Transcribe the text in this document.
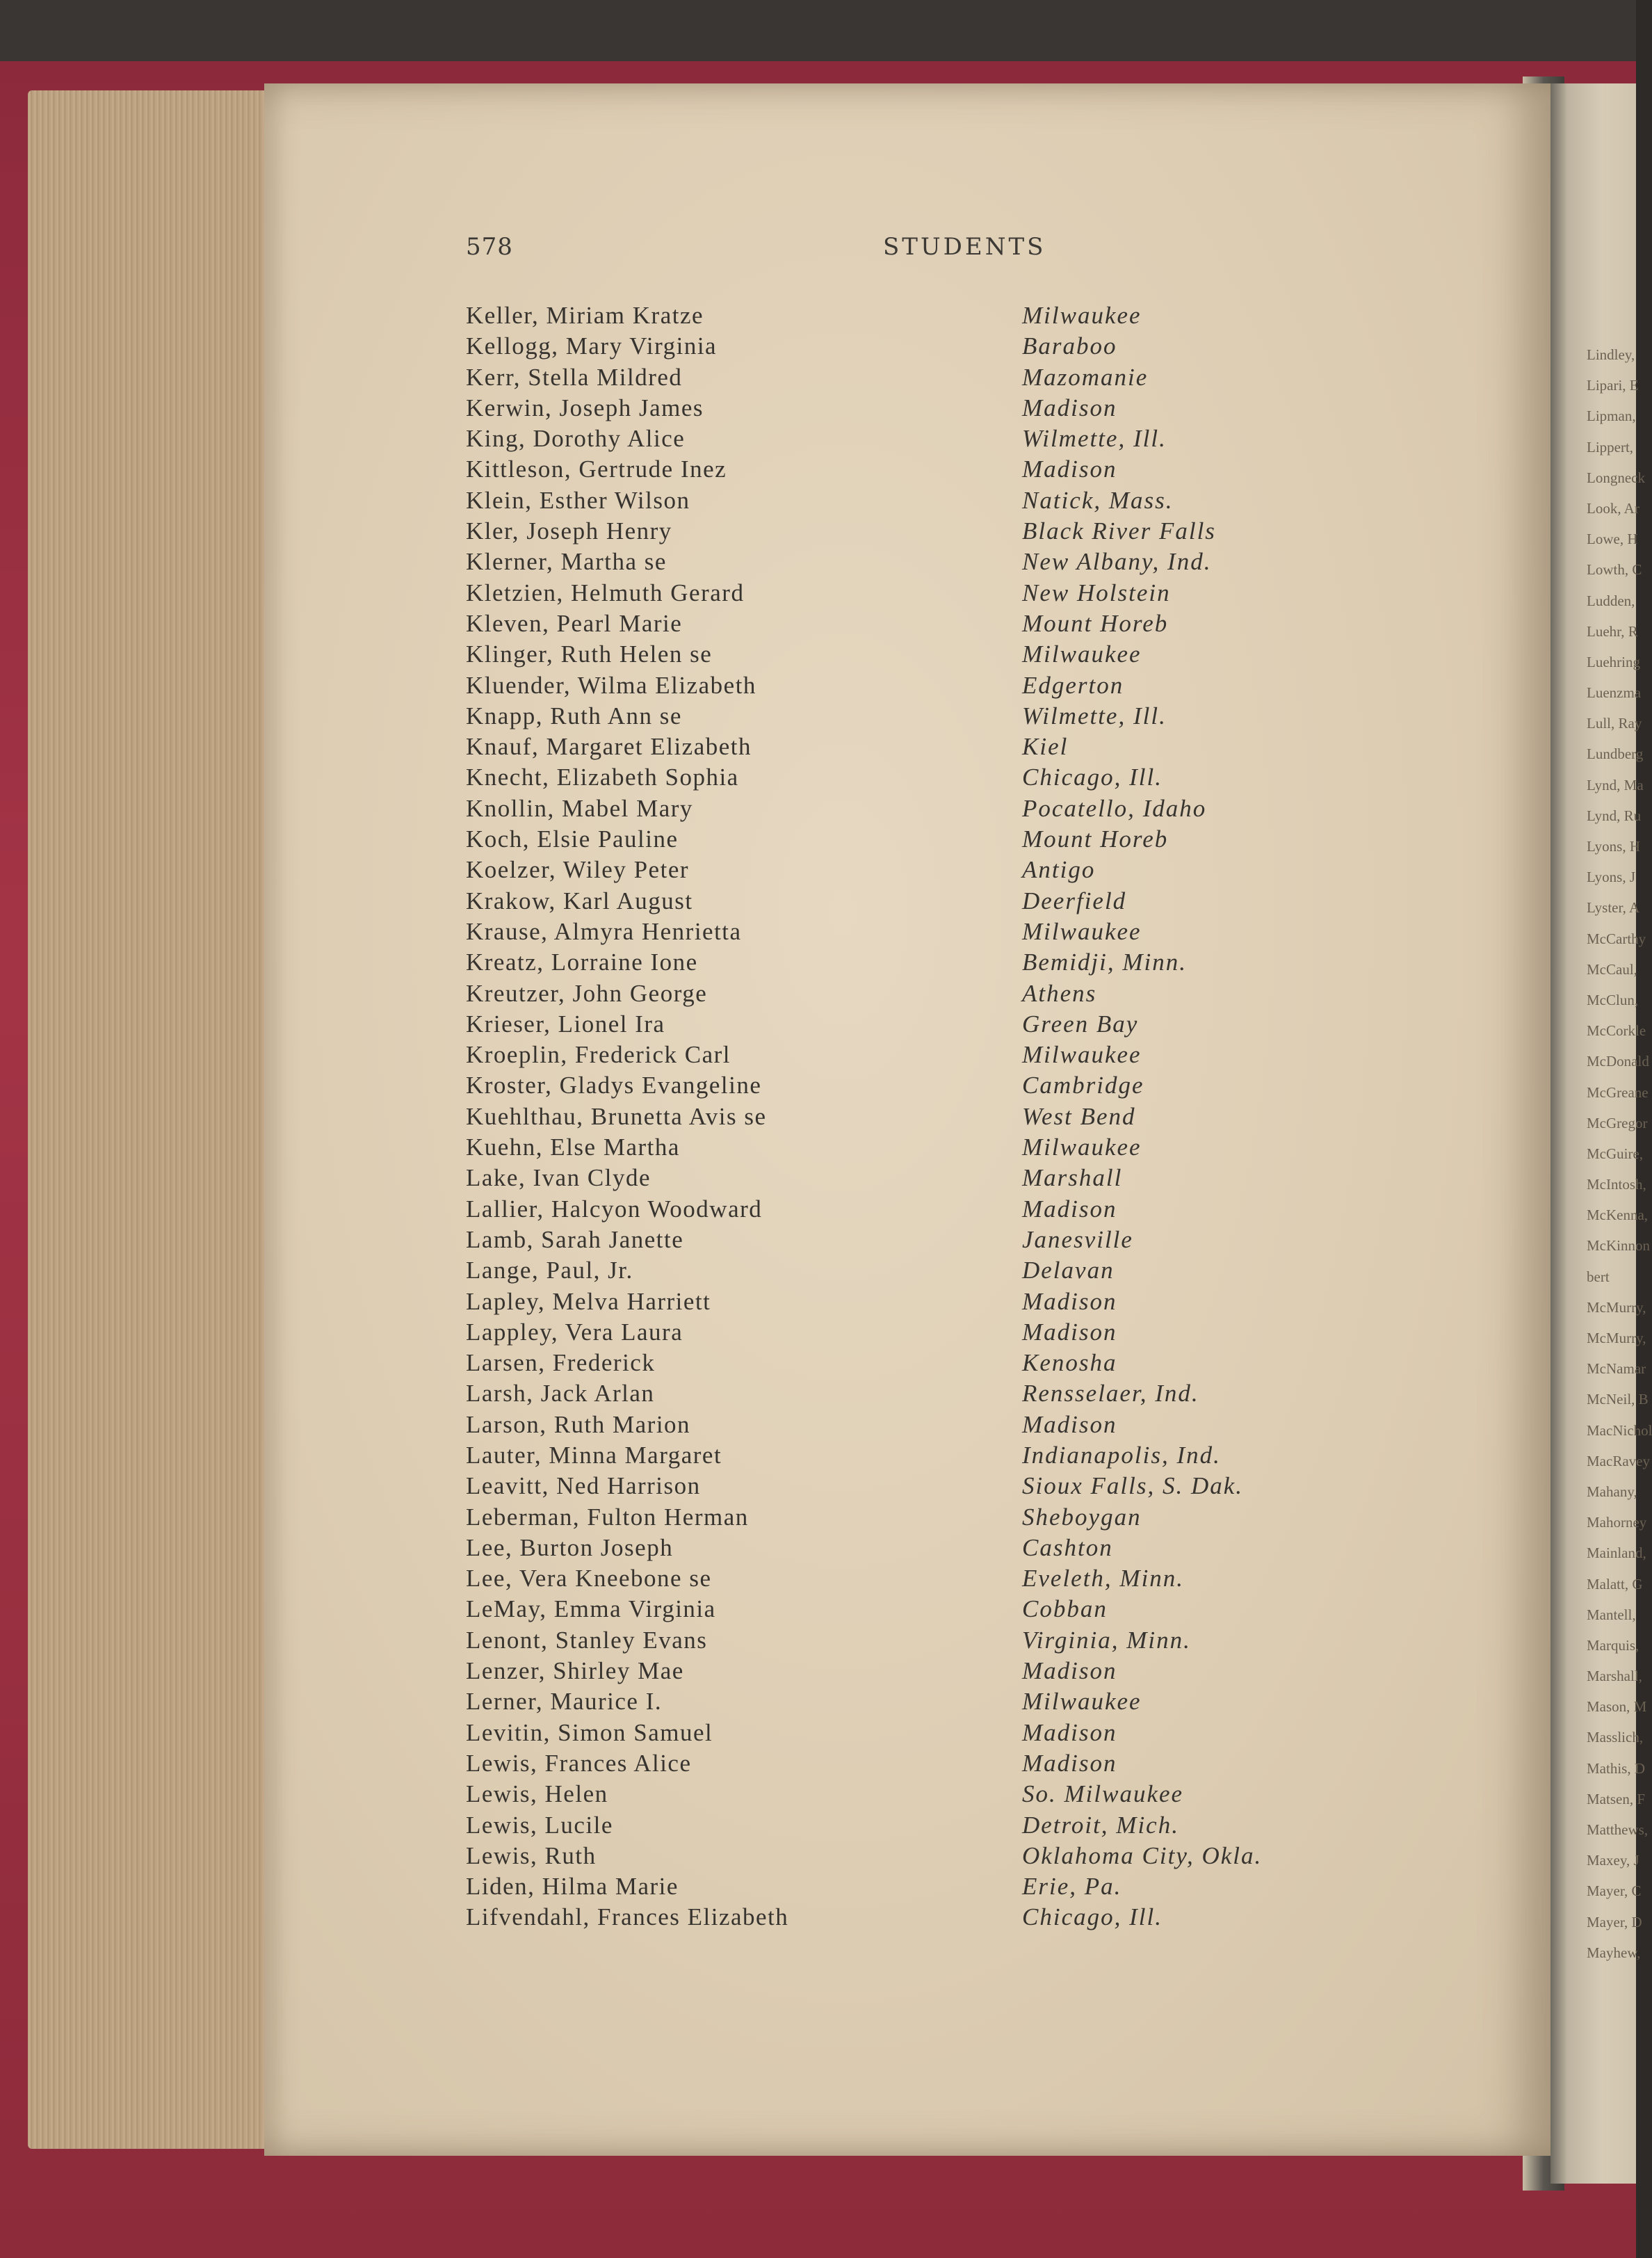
Lindley,
Lipari, E
Lipman,
Lippert,
Longneck
Look, Ar
Lowe, H
Lowth, C
Ludden,
Luehr, R
Luehring
Luenzma
Lull, Ray
Lundberg
Lynd, Ma
Lynd, Ru
Lyons, H
Lyons, J
Lyster, A
McCarthy
McCaul,
McClun,
McCorkle
McDonald
McGreane
McGregor
McGuire,
McIntosh,
McKenna,
McKinnon
bert
McMurry,
McMurry,
McNamar
McNeil, B
MacNichol
MacRavey
Mahany,
Mahorney
Mainland,
Malatt, G
Mantell,
Marquis,
Marshall,
Mason, M
Masslich,
Mathis, D
Matsen, F
Matthews,
Maxey, J
Mayer, C
Mayer, D
Mayhew,
578	STUDENTS
Keller, Miriam Kratze	Milwaukee
Kellogg, Mary Virginia	Baraboo
Kerr, Stella Mildred	Mazomanie
Kerwin, Joseph James	Madison
King, Dorothy Alice	Wilmette, Ill.
Kittleson, Gertrude Inez	Madison
Klein, Esther Wilson	Natick, Mass.
Kler, Joseph Henry	Black River Falls
Klerner, Martha se	New Albany, Ind.
Kletzien, Helmuth Gerard	New Holstein
Kleven, Pearl Marie	Mount Horeb
Klinger, Ruth Helen se	Milwaukee
Kluender, Wilma Elizabeth	Edgerton
Knapp, Ruth Ann se	Wilmette, Ill.
Knauf, Margaret Elizabeth	Kiel
Knecht, Elizabeth Sophia	Chicago, Ill.
Knollin, Mabel Mary	Pocatello, Idaho
Koch, Elsie Pauline	Mount Horeb
Koelzer, Wiley Peter	Antigo
Krakow, Karl August	Deerfield
Krause, Almyra Henrietta	Milwaukee
Kreatz, Lorraine Ione	Bemidji, Minn.
Kreutzer, John George	Athens
Krieser, Lionel Ira	Green Bay
Kroeplin, Frederick Carl	Milwaukee
Kroster, Gladys Evangeline	Cambridge
Kuehlthau, Brunetta Avis se	West Bend
Kuehn, Else Martha	Milwaukee
Lake, Ivan Clyde	Marshall
Lallier, Halcyon Woodward	Madison
Lamb, Sarah Janette	Janesville
Lange, Paul, Jr.	Delavan
Lapley, Melva Harriett	Madison
Lappley, Vera Laura	Madison
Larsen, Frederick	Kenosha
Larsh, Jack Arlan	Rensselaer, Ind.
Larson, Ruth Marion	Madison
Lauter, Minna Margaret	Indianapolis, Ind.
Leavitt, Ned Harrison	Sioux Falls, S. Dak.
Leberman, Fulton Herman	Sheboygan
Lee, Burton Joseph	Cashton
Lee, Vera Kneebone se	Eveleth, Minn.
LeMay, Emma Virginia	Cobban
Lenont, Stanley Evans	Virginia, Minn.
Lenzer, Shirley Mae	Madison
Lerner, Maurice I.	Milwaukee
Levitin, Simon Samuel	Madison
Lewis, Frances Alice	Madison
Lewis, Helen	So. Milwaukee
Lewis, Lucile	Detroit, Mich.
Lewis, Ruth	Oklahoma City, Okla.
Liden, Hilma Marie	Erie, Pa.
Lifvendahl, Frances Elizabeth	Chicago, Ill.
